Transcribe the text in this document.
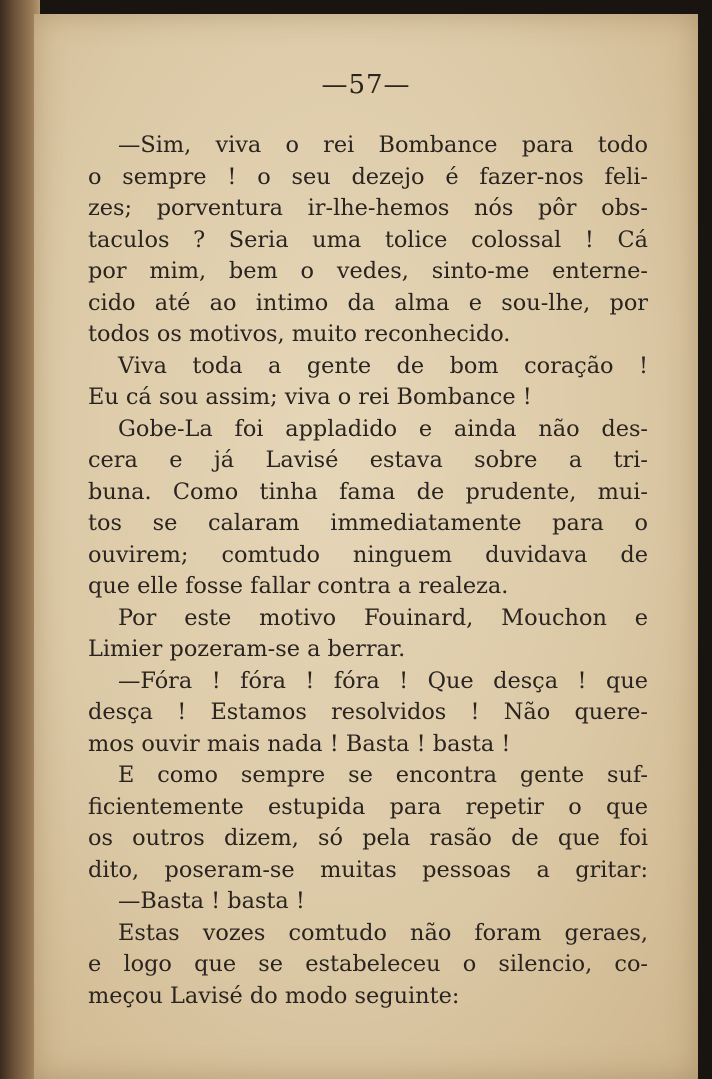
—57—
—Sim, viva o rei Bombance para todo
o sempre ! o seu dezejo é fazer-nos feli-
zes; porventura ir-lhe-hemos nós pôr obs-
taculos ? Seria uma tolice colossal ! Cá
por mim, bem o vedes, sinto-me enterne-
cido até ao intimo da alma e sou-lhe, por
todos os motivos, muito reconhecido.
Viva toda a gente de bom coração !
Eu cá sou assim; viva o rei Bombance !
Gobe-La foi appladido e ainda não des-
cera e já Lavisé estava sobre a tri-
buna. Como tinha fama de prudente, mui-
tos se calaram immediatamente para o
ouvirem; comtudo ninguem duvidava de
que elle fosse fallar contra a realeza.
Por este motivo Fouinard, Mouchon e
Limier pozeram-se a berrar.
—Fóra ! fóra ! fóra ! Que desça ! que
desça ! Estamos resolvidos ! Não quere-
mos ouvir mais nada ! Basta ! basta !
E como sempre se encontra gente suf-
ficientemente estupida para repetir o que
os outros dizem, só pela rasão de que foi
dito, poseram-se muitas pessoas a gritar:
—Basta ! basta !
Estas vozes comtudo não foram geraes,
e logo que se estabeleceu o silencio, co-
meçou Lavisé do modo seguinte:
